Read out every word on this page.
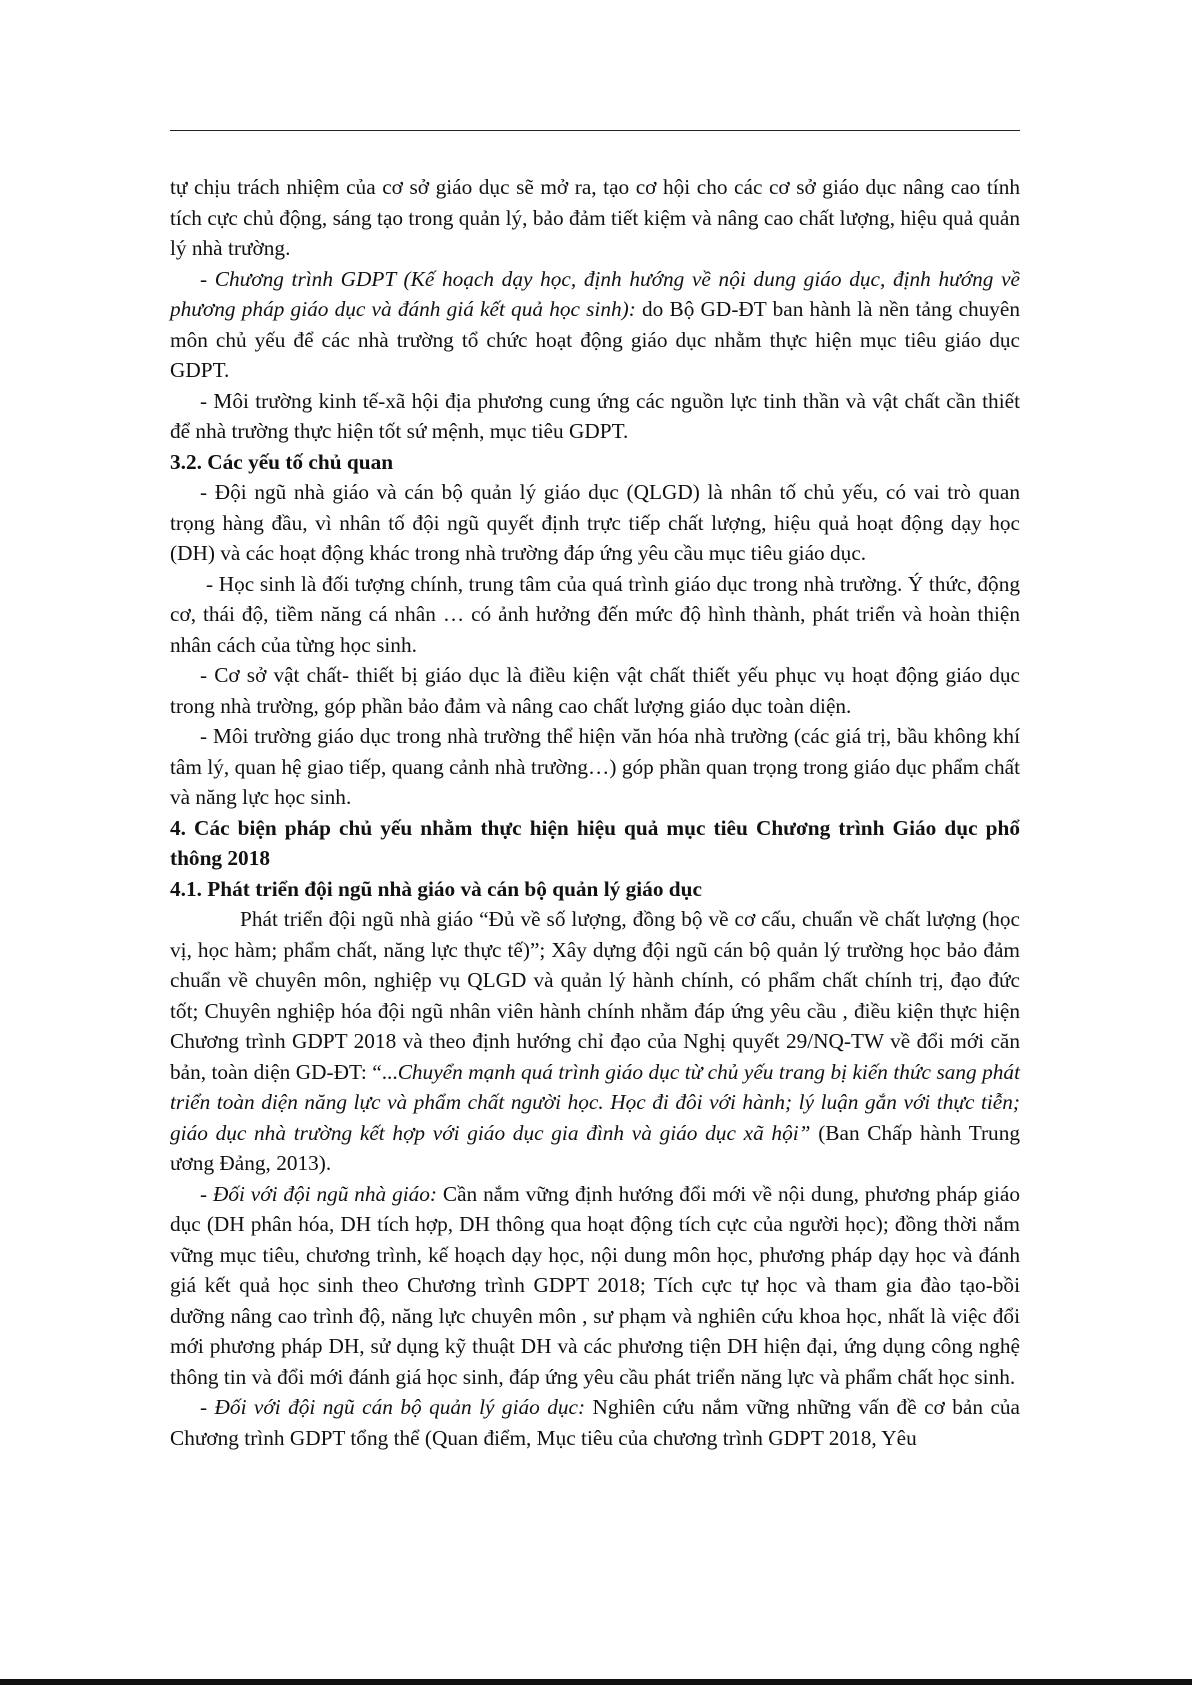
tự chịu trách nhiệm của cơ sở giáo dục sẽ mở ra, tạo cơ hội cho các cơ sở giáo dục nâng cao tính tích cực chủ động, sáng tạo trong quản lý, bảo đảm tiết kiệm và nâng cao chất lượng, hiệu quả quản lý nhà trường.

- Chương trình GDPT (Kế hoạch dạy học, định hướng về nội dung giáo dục, định hướng về phương pháp giáo dục và đánh giá kết quả học sinh): do Bộ GD-ĐT ban hành là nền tảng chuyên môn chủ yếu để các nhà trường tổ chức hoạt động giáo dục nhằm thực hiện mục tiêu giáo dục GDPT.

- Môi trường kinh tế-xã hội địa phương cung ứng các nguồn lực tinh thần và vật chất cần thiết để nhà trường thực hiện tốt sứ mệnh, mục tiêu GDPT.

3.2. Các yếu tố chủ quan

- Đội ngũ nhà giáo và cán bộ quản lý giáo dục (QLGD) là nhân tố chủ yếu, có vai trò quan trọng hàng đầu, vì nhân tố đội ngũ quyết định trực tiếp chất lượng, hiệu quả hoạt động dạy học (DH) và các hoạt động khác trong nhà trường đáp ứng yêu cầu mục tiêu giáo dục.

- Học sinh là đối tượng chính, trung tâm của quá trình giáo dục trong nhà trường. Ý thức, động cơ, thái độ, tiềm năng cá nhân … có ảnh hưởng đến mức độ hình thành, phát triển và hoàn thiện nhân cách của từng học sinh.

- Cơ sở vật chất- thiết bị giáo dục là điều kiện vật chất thiết yếu phục vụ hoạt động giáo dục trong nhà trường, góp phần bảo đảm và nâng cao chất lượng giáo dục toàn diện.

- Môi trường giáo dục trong nhà trường thể hiện văn hóa nhà trường (các giá trị, bầu không khí tâm lý, quan hệ giao tiếp, quang cảnh nhà trường…) góp phần quan trọng trong giáo dục phẩm chất và năng lực học sinh.

4. Các biện pháp chủ yếu nhằm thực hiện hiệu quả mục tiêu Chương trình Giáo dục phổ thông 2018
4.1. Phát triển đội ngũ nhà giáo và cán bộ quản lý giáo dục

Phát triển đội ngũ nhà giáo “Đủ về số lượng, đồng bộ về cơ cấu, chuẩn về chất lượng (học vị, học hàm; phẩm chất, năng lực thực tế)”; Xây dựng đội ngũ cán bộ quản lý trường học bảo đảm chuẩn về chuyên môn, nghiệp vụ QLGD và quản lý hành chính, có phẩm chất chính trị, đạo đức tốt; Chuyên nghiệp hóa đội ngũ nhân viên hành chính nhằm đáp ứng yêu cầu , điều kiện thực hiện Chương trình GDPT 2018 và theo định hướng chỉ đạo của Nghị quyết 29/NQ-TW về đổi mới căn bản, toàn diện GD-ĐT: “...Chuyển mạnh quá trình giáo dục từ chủ yếu trang bị kiến thức sang phát triển toàn diện năng lực và phẩm chất người học. Học đi đôi với hành; lý luận gắn với thực tiễn; giáo dục nhà trường kết hợp với giáo dục gia đình và giáo dục xã hội” (Ban Chấp hành Trung ương Đảng, 2013).

- Đối với đội ngũ nhà giáo: Cần nắm vững định hướng đổi mới về nội dung, phương pháp giáo dục (DH phân hóa, DH tích hợp, DH thông qua hoạt động tích cực của người học); đồng thời nắm vững mục tiêu, chương trình, kế hoạch dạy học, nội dung môn học, phương pháp dạy học và đánh giá kết quả học sinh theo Chương trình GDPT 2018; Tích cực tự học và tham gia đào tạo-bồi dưỡng nâng cao trình độ, năng lực chuyên môn , sư phạm và nghiên cứu khoa học, nhất là việc đổi mới phương pháp DH, sử dụng kỹ thuật DH và các phương tiện DH hiện đại, ứng dụng công nghệ thông tin và đổi mới đánh giá học sinh, đáp ứng yêu cầu phát triển năng lực và phẩm chất học sinh.

- Đối với đội ngũ cán bộ quản lý giáo dục: Nghiên cứu nắm vững những vấn đề cơ bản của Chương trình GDPT tổng thể (Quan điểm, Mục tiêu của chương trình GDPT 2018, Yêu
